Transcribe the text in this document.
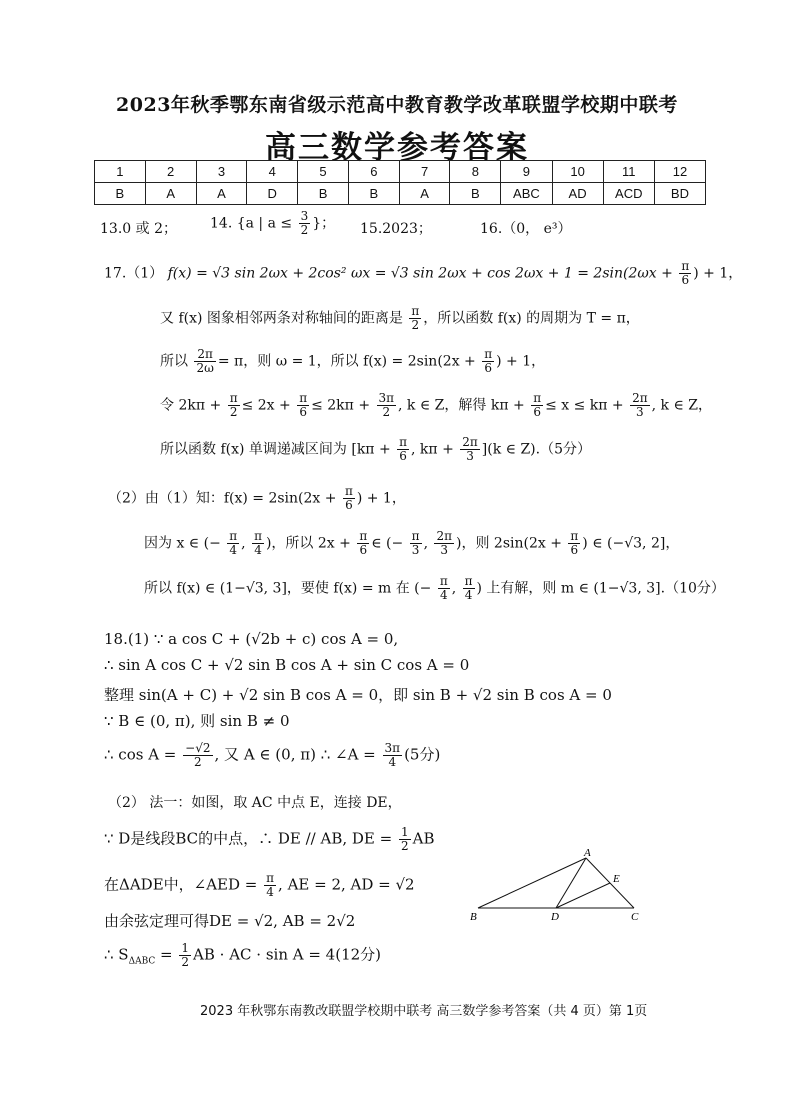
2023年秋季鄂东南省级示范高中教育教学改革联盟学校期中联考
高三数学参考答案
1	2	3	4	5	6	7	8	9	10	11	12
B	A	A	D	B	B	A	B	ABC	AD	ACD	BD
13.0 或 2； 14. {a | $a \le \frac{3}{2}$ }； 15.2023；	16.（0， e³）
17.（1） f(x) = √3 sin 2ωx + 2cos² ωx = √3 $\sin 2\omega x + \cos 2\omega x + 1 = 2\sin(2\omega x + \frac{\pi}{6}$ ) + 1，
又 f(x) 图象相邻两条对称轴间的距离是 $\frac{\pi}{2}$ ，所以函数 f(x) 的周期为 T = π，
所以 $\frac{2\pi}{2\omega} = \pi$，则 ω = 1，所以 $f(x) = 2\sin(2x + \frac{\pi}{6}$ ) + 1，
令 $2k\pi + \frac{\pi}{2} \le 2x + \frac{\pi}{6} \le 2k\pi + \frac{3\pi}{2}$ , k ∈ Z，解得 $k\pi + \frac{\pi}{6} \le x \le k\pi + \frac{2\pi}{3}$ , k ∈ Z，
所以函数 f(x) 单调递减区间为 [$k\pi + \frac{\pi}{6}$ , $k\pi + \frac{2\pi}{3} ](k$ ∈ Z).（5分）
（2）由（1）知：$f(x) = 2\sin(2x + \frac{\pi}{6}$ ) + 1，
因为 x ∈ (− $\frac{\pi}{4}$ , $\frac{\pi}{4}$ )，所以 $2x + \frac{\pi}{6}$ ∈ (− $\frac{\pi}{3}$ , $\frac{2\pi}{3}$ )，则 $2\sin(2x + \frac{\pi}{6}$ ) ∈ (−√3, 2]，
所以 f(x) ∈ (1−√3, 3]，要使 f(x) = m 在 (− $\frac{\pi}{4}$ , $\frac{\pi}{4}$ ) 上有解，则 m ∈ (1−√3, 3].（10分）
18.(1) ∵ a cos C + (√2b + c) cos A = 0,
∴ sin A cos C + √2 sin B cos A + sin C cos A = 0
整理 sin(A + C) + √2 sin B cos A = 0，即 sin B + √2 sin B cos A = 0
∵ B ∈ (0, π), 则 sin B ≠ 0
∴ $\cos A = \frac{-√2}{2}$ , 又 A ∈ (0, π) ∴ ∠A = $\frac{3\pi}{4} (5$分)
（2） 法一：如图，取 AC 中点 E，连接 DE，
∵ D是线段BC的中点，∴ DE // AB, DE = $\frac{1}{2}$ AB
在ΔADE中，∠AED = $\frac{\pi}{4}$ , AE = 2, AD = √2
由余弦定理可得DE = √2, AB = 2√2
∴ $S_{\Delta ABC} = \frac{1}{2}$ AB · AC · sin A = 4(12分)
A
E
B	D	C
2023 年秋鄂东南教改联盟学校期中联考 高三数学参考答案（共 4 页）第 1页
